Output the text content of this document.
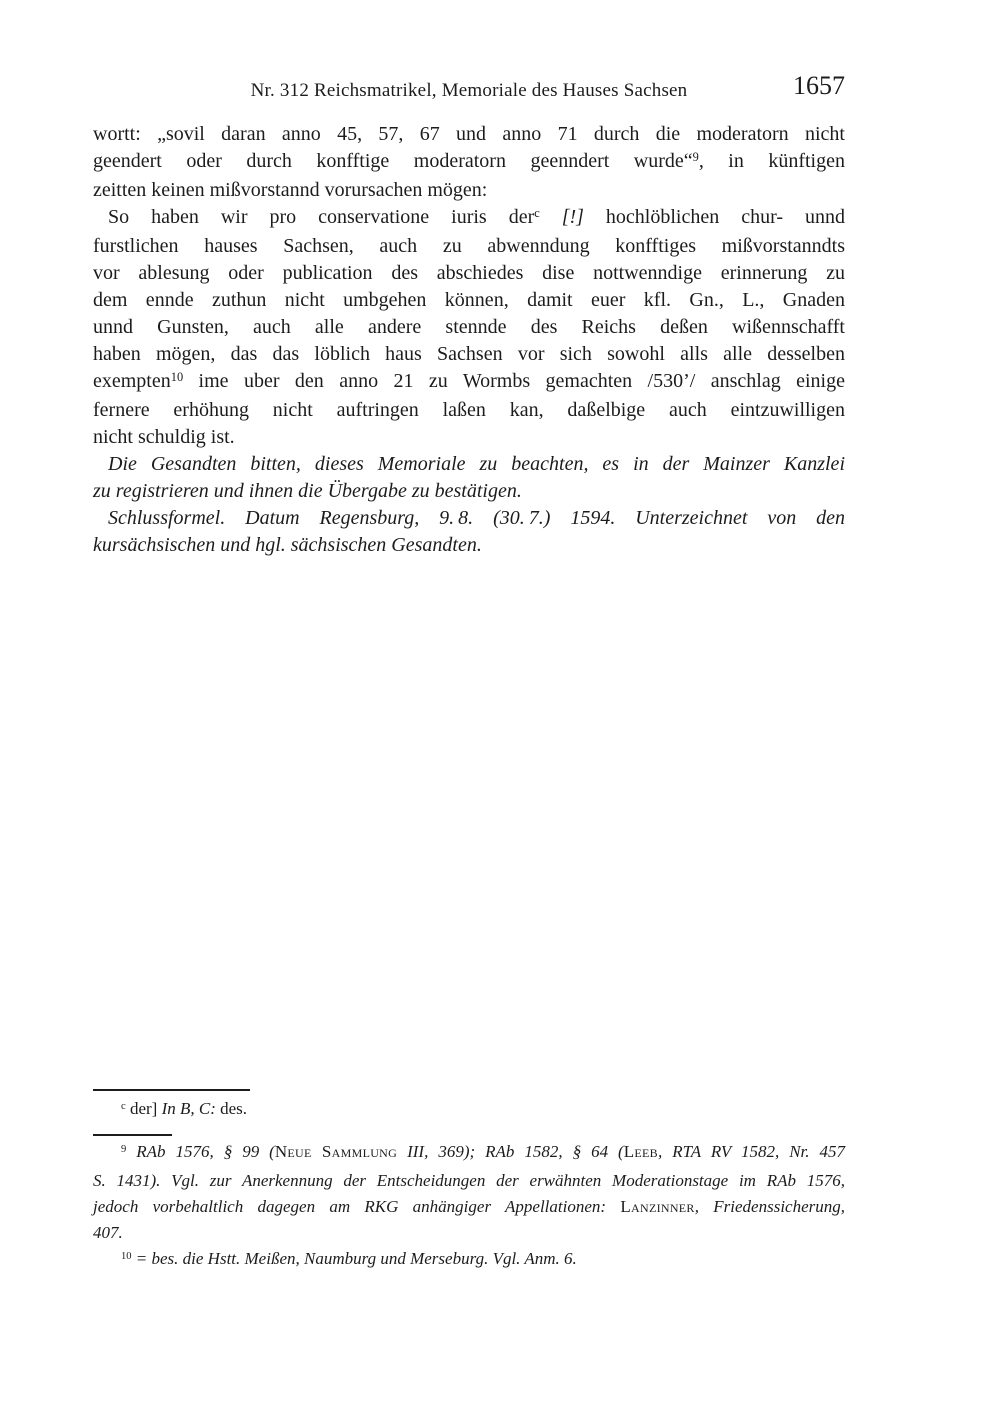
Nr. 312 Reichsmatrikel, Memoriale des Hauses Sachsen	1657
wortt: „sovil daran anno 45, 57, 67 und anno 71 durch die moderatorn nicht
geendert oder durch konfftige moderatorn geenndert wurde“$^9$, in künftigen
zeitten keinen mißvorstannd vorursachen mögen:
So haben wir pro conservatione iuris der$^c$ [!] hochlöblichen chur- unnd
furstlichen hauses Sachsen, auch zu abwenndung konfftiges mißvorstanndts
vor ablesung oder publication des abschiedes dise nottwenndige erinnerung zu
dem ennde zuthun nicht umbgehen können, damit euer kfl. Gn., L., Gnaden
unnd Gunsten, auch alle andere stennde des Reichs deßen wißennschafft
haben mögen, das das löblich haus Sachsen vor sich sowohl alls alle desselben
exempten$^{10}$ ime uber den anno 21 zu Wormbs gemachten /530’/ anschlag einige
fernere erhöhung nicht auftringen laßen kan, daßelbige auch eintzuwilligen
nicht schuldig ist.
Die Gesandten bitten, dieses Memoriale zu beachten, es in der Mainzer Kanzlei
zu registrieren und ihnen die Übergabe zu bestätigen.
Schlussformel. Datum Regensburg, 9. 8. (30. 7.) 1594. Unterzeichnet von den
kursächsischen und hgl. sächsischen Gesandten.
$^c$ der] In B, C: des.
$^9$ RAb 1576, § 99 (Neue Sammlung III, 369); RAb 1582, § 64 (Leeb, RTA RV 1582, Nr. 457
S. 1431). Vgl. zur Anerkennung der Entscheidungen der erwähnten Moderationstage im RAb 1576,
jedoch vorbehaltlich dagegen am RKG anhängiger Appellationen: Lanzinner, Friedenssicherung,
407.
$^{10}$ = bes. die Hstt. Meißen, Naumburg und Merseburg. Vgl. Anm. 6.
